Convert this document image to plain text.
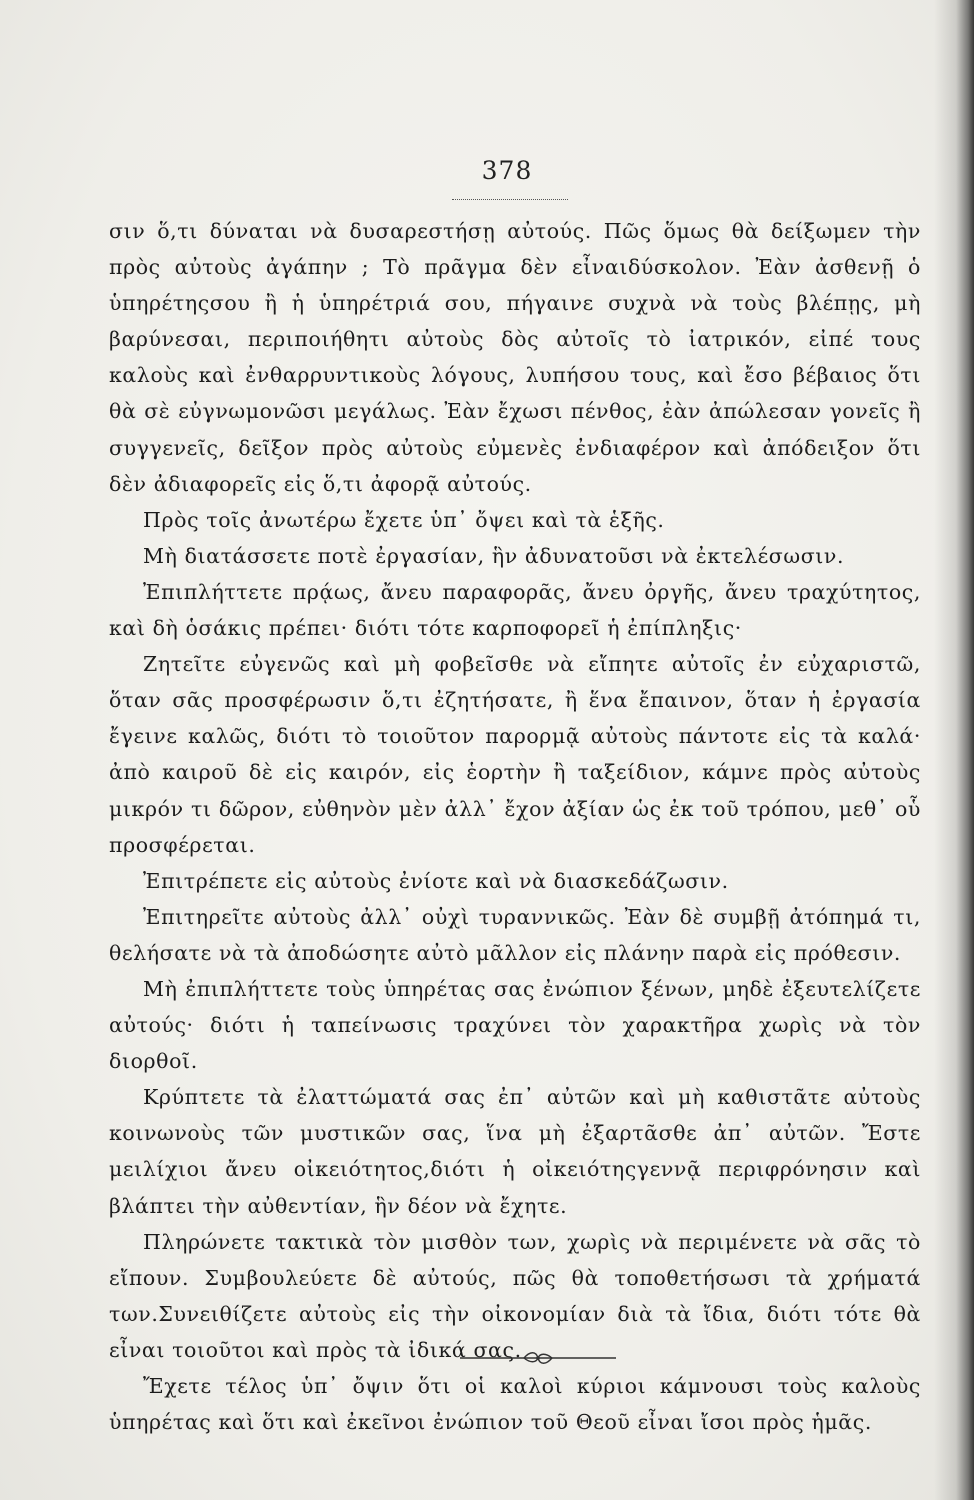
378

σιν ὅ,τι δύναται νὰ δυσαρεστήσῃ αὐτούς. Πῶς ὅμως θὰ δείξωμεν τὴν πρὸς αὐτοὺς ἀγάπην ; Τὸ πρᾶγμα δὲν εἶναιδύσκολον. Ἐὰν ἀσθενῇ ὁ ὑπηρέτηςσου ἢ ἡ ὑπηρέτριά σου, πήγαινε συχνὰ νὰ τοὺς βλέπῃς, μὴ βαρύνεσαι, περιποιήθητι αὐτοὺς δὸς αὐτοῖς τὸ ἰατρικόν, εἰπέ τους καλοὺς καὶ ἐνθαρρυντικοὺς λόγους, λυπήσου τους, καὶ ἔσο βέβαιος ὅτι θὰ σὲ εὐγνωμονῶσι μεγάλως. Ἐὰν ἔχωσι πένθος, ἐὰν ἀπώλεσαν γονεῖς ἢ συγγενεῖς, δεῖξον πρὸς αὐτοὺς εὐμενὲς ἐνδιαφέρον καὶ ἀπόδειξον ὅτι δὲν ἀδιαφορεῖς εἰς ὅ,τι ἀφορᾷ αὐτούς.

Πρὸς τοῖς ἀνωτέρω ἔχετε ὑπ᾿ ὄψει καὶ τὰ ἑξῆς.

Μὴ διατάσσετε ποτὲ ἐργασίαν, ἣν ἀδυνατοῦσι νὰ ἐκτελέσωσιν.

Ἐπιπλήττετε πρᾴως, ἄνευ παραφορᾶς, ἄνευ ὀργῆς, ἄνευ τραχύτητος, καὶ δὴ ὁσάκις πρέπει· διότι τότε καρποφορεῖ ἡ ἐπίπληξις·

Ζητεῖτε εὐγενῶς καὶ μὴ φοβεῖσθε νὰ εἴπητε αὐτοῖς ἐν εὐχαριστῶ, ὅταν σᾶς προσφέρωσιν ὅ,τι ἐζητήσατε, ἢ ἕνα ἔπαινον, ὅταν ἡ ἐργασία ἔγεινε καλῶς, διότι τὸ τοιοῦτον παρορμᾷ αὐτοὺς πάντοτε εἰς τὰ καλά· ἀπὸ καιροῦ δὲ εἰς καιρόν, εἰς ἑορτὴν ἢ ταξείδιον, κάμνε πρὸς αὐτοὺς μικρόν τι δῶρον, εὐθηνὸν μὲν ἀλλ᾿ ἔχον ἀξίαν ὡς ἐκ τοῦ τρόπου, μεθ᾿ οὗ προσφέρεται.

Ἐπιτρέπετε εἰς αὐτοὺς ἐνίοτε καὶ νὰ διασκεδάζωσιν.

Ἐπιτηρεῖτε αὐτοὺς ἀλλ᾿ οὐχὶ τυραννικῶς. Ἐὰν δὲ συμβῇ ἀτόπημά τι, θελήσατε νὰ τὰ ἀποδώσητε αὐτὸ μᾶλλον εἰς πλάνην παρὰ εἰς πρόθεσιν.

Μὴ ἐπιπλήττετε τοὺς ὑπηρέτας σας ἐνώπιον ξένων, μηδὲ ἐξευτελίζετε αὐτούς· διότι ἡ ταπείνωσις τραχύνει τὸν χαρακτῆρα χωρὶς νὰ τὸν διορθοῖ.

Κρύπτετε τὰ ἐλαττώματά σας ἐπ᾿ αὐτῶν καὶ μὴ καθιστᾶτε αὐτοὺς κοινωνοὺς τῶν μυστικῶν σας, ἵνα μὴ ἐξαρτᾶσθε ἀπ᾿ αὐτῶν. Ἔστε μειλίχιοι ἄνευ οἰκειότητος,διότι ἡ οἰκειότηςγεννᾷ περιφρόνησιν καὶ βλάπτει τὴν αὐθεντίαν, ἣν δέον νὰ ἔχητε.

Πληρώνετε τακτικὰ τὸν μισθὸν των, χωρὶς νὰ περιμένετε νὰ σᾶς τὸ εἴπουν. Συμβουλεύετε δὲ αὐτούς, πῶς θὰ τοποθετήσωσι τὰ χρήματά των.Συνειθίζετε αὐτοὺς εἰς τὴν οἰκονομίαν διὰ τὰ ἴδια, διότι τότε θὰ εἶναι τοιοῦτοι καὶ πρὸς τὰ ἰδικά σας.

Ἔχετε τέλος ὑπ᾿ ὄψιν ὅτι οἱ καλοὶ κύριοι κάμνουσι τοὺς καλοὺς ὑπηρέτας καὶ ὅτι καὶ ἐκεῖνοι ἐνώπιον τοῦ Θεοῦ εἶναι ἴσοι πρὸς ἡμᾶς.
